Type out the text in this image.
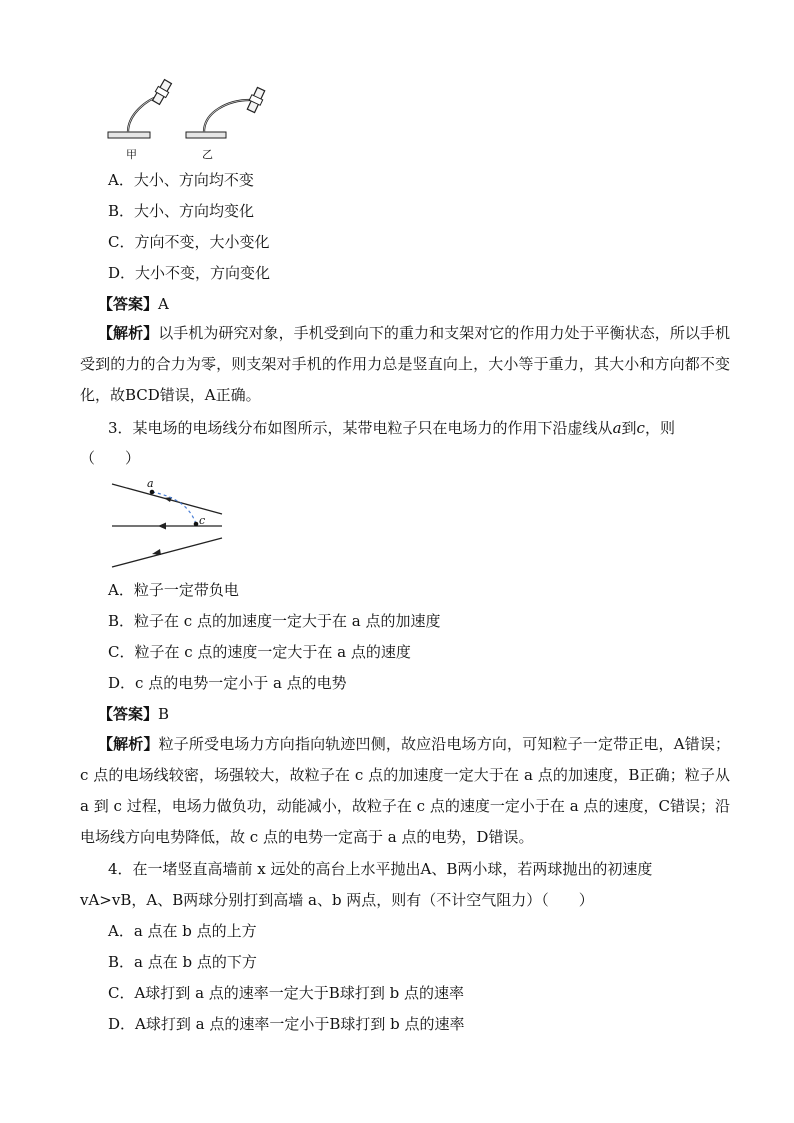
甲	乙
A．大小、方向均不变
B．大小、方向均变化
C．方向不变，大小变化
D．大小不变，方向变化
【答案】A
【解析】以手机为研究对象，手机受到向下的重力和支架对它的作用力处于平衡状态，所以手机受到的力的合力为零，则支架对手机的作用力总是竖直向上，大小等于重力，其大小和方向都不变化，故BCD错误，A正确。
3．某电场的电场线分布如图所示，某带电粒子只在电场力的作用下沿虚线从a到c，则
（　　）
a
c
A．粒子一定带负电
B．粒子在 c 点的加速度一定大于在 a 点的加速度
C．粒子在 c 点的速度一定大于在 a 点的速度
D．c 点的电势一定小于 a 点的电势
【答案】B
【解析】粒子所受电场力方向指向轨迹凹侧，故应沿电场方向，可知粒子一定带正电，A错误；c 点的电场线较密，场强较大，故粒子在 c 点的加速度一定大于在 a 点的加速度，B正确；粒子从 a 到 c 过程，电场力做负功，动能减小，故粒子在 c 点的速度一定小于在 a 点的速度，C错误；沿电场线方向电势降低，故 c 点的电势一定高于 a 点的电势，D错误。
4．在一堵竖直高墙前 x 远处的高台上水平抛出A、B两小球，若两球抛出的初速度
vA>vB，A、B两球分别打到高墙 a、b 两点，则有（不计空气阻力）（　　）
A．a 点在 b 点的上方
B．a 点在 b 点的下方
C．A球打到 a 点的速率一定大于B球打到 b 点的速率
D．A球打到 a 点的速率一定小于B球打到 b 点的速率
